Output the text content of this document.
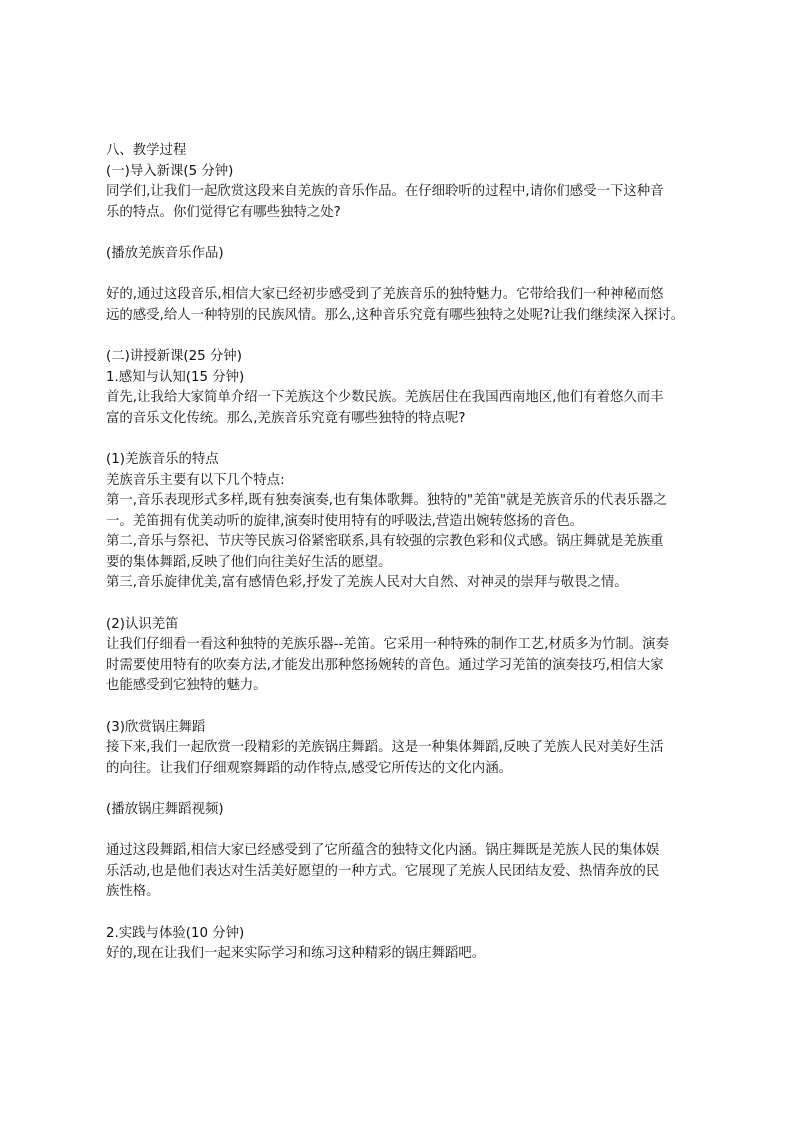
八、教学过程
(一)导入新课(5 分钟)
同学们,让我们一起欣赏这段来自羌族的音乐作品。在仔细聆听的过程中,请你们感受一下这种音
乐的特点。你们觉得它有哪些独特之处?
(播放羌族音乐作品)
好的,通过这段音乐,相信大家已经初步感受到了羌族音乐的独特魅力。它带给我们一种神秘而悠
远的感受,给人一种特别的民族风情。那么,这种音乐究竟有哪些独特之处呢?让我们继续深入探讨。
(二)讲授新课(25 分钟)
1.感知与认知(15 分钟)
首先,让我给大家简单介绍一下羌族这个少数民族。羌族居住在我国西南地区,他们有着悠久而丰
富的音乐文化传统。那么,羌族音乐究竟有哪些独特的特点呢?
(1)羌族音乐的特点
羌族音乐主要有以下几个特点:
第一,音乐表现形式多样,既有独奏演奏,也有集体歌舞。独特的"羌笛"就是羌族音乐的代表乐器之
一。羌笛拥有优美动听的旋律,演奏时使用特有的呼吸法,营造出婉转悠扬的音色。
第二,音乐与祭祀、节庆等民族习俗紧密联系,具有较强的宗教色彩和仪式感。锅庄舞就是羌族重
要的集体舞蹈,反映了他们向往美好生活的愿望。
第三,音乐旋律优美,富有感情色彩,抒发了羌族人民对大自然、对神灵的崇拜与敬畏之情。
(2)认识羌笛
让我们仔细看一看这种独特的羌族乐器--羌笛。它采用一种特殊的制作工艺,材质多为竹制。演奏
时需要使用特有的吹奏方法,才能发出那种悠扬婉转的音色。通过学习羌笛的演奏技巧,相信大家
也能感受到它独特的魅力。
(3)欣赏锅庄舞蹈
接下来,我们一起欣赏一段精彩的羌族锅庄舞蹈。这是一种集体舞蹈,反映了羌族人民对美好生活
的向往。让我们仔细观察舞蹈的动作特点,感受它所传达的文化内涵。
(播放锅庄舞蹈视频)
通过这段舞蹈,相信大家已经感受到了它所蕴含的独特文化内涵。锅庄舞既是羌族人民的集体娱
乐活动,也是他们表达对生活美好愿望的一种方式。它展现了羌族人民团结友爱、热情奔放的民
族性格。
2.实践与体验(10 分钟)
好的,现在让我们一起来实际学习和练习这种精彩的锅庄舞蹈吧。
